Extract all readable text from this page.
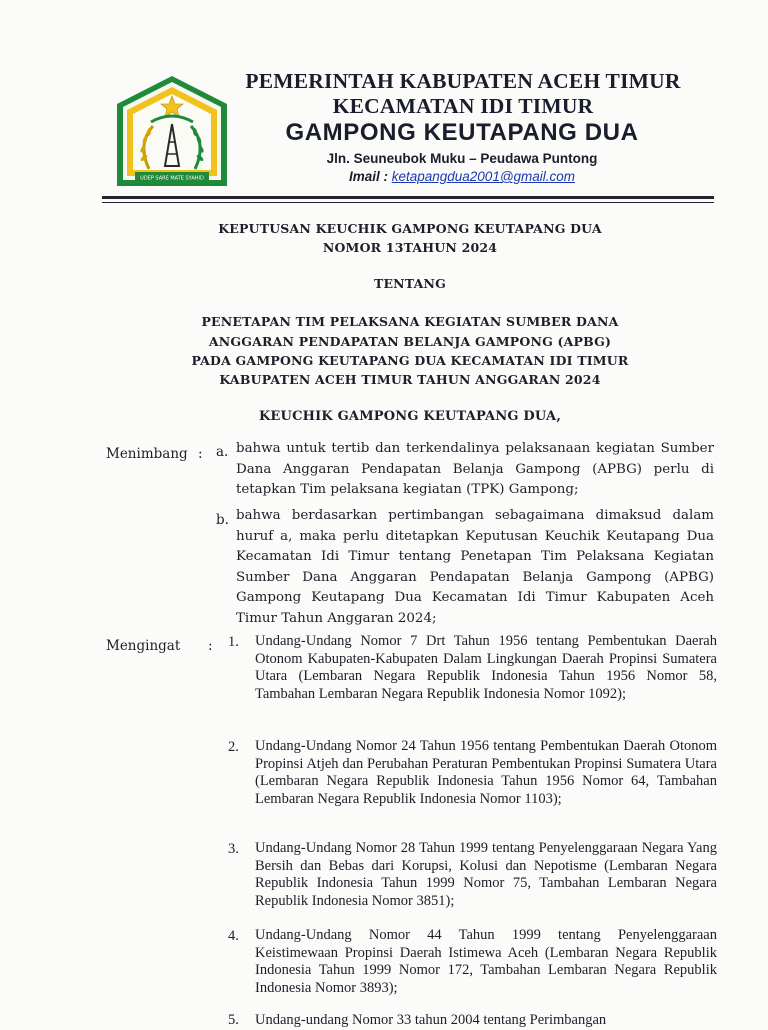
UDEP SARE MATE SYAHID
PEMERINTAH KABUPATEN ACEH TIMUR
KECAMATAN IDI TIMUR
GAMPONG KEUTAPANG DUA
Jln. Seuneubok Muku – Peudawa Puntong
Imail : ketapangdua2001@gmail.com
KEPUTUSAN KEUCHIK GAMPONG KEUTAPANG DUA
NOMOR 13TAHUN 2024
TENTANG
PENETAPAN TIM PELAKSANA KEGIATAN SUMBER DANA
ANGGARAN PENDAPATAN BELANJA GAMPONG (APBG)
PADA GAMPONG KEUTAPANG DUA KECAMATAN IDI TIMUR
KABUPATEN ACEH TIMUR TAHUN ANGGARAN 2024
KEUCHIK GAMPONG KEUTAPANG DUA,
Menimbang : a. bahwa untuk tertib dan terkendalinya pelaksanaan kegiatan Sumber Dana Anggaran Pendapatan Belanja Gampong (APBG) perlu di tetapkan Tim pelaksana kegiatan (TPK) Gampong;
b. bahwa berdasarkan pertimbangan sebagaimana dimaksud dalam huruf a, maka perlu ditetapkan Keputusan Keuchik Keutapang Dua Kecamatan Idi Timur tentang Penetapan Tim Pelaksana Kegiatan Sumber Dana Anggaran Pendapatan Belanja Gampong (APBG) Gampong Keutapang Dua Kecamatan Idi Timur Kabupaten Aceh Timur Tahun Anggaran 2024;
Mengingat : 1. Undang-Undang Nomor 7 Drt Tahun 1956 tentang Pembentukan Daerah Otonom Kabupaten-Kabupaten Dalam Lingkungan Daerah Propinsi Sumatera Utara (Lembaran Negara Republik Indonesia Tahun 1956 Nomor 58, Tambahan Lembaran Negara Republik Indonesia Nomor 1092);
2. Undang-Undang Nomor 24 Tahun 1956 tentang Pembentukan Daerah Otonom Propinsi Atjeh dan Perubahan Peraturan Pembentukan Propinsi Sumatera Utara (Lembaran Negara Republik Indonesia Tahun 1956 Nomor 64, Tambahan Lembaran Negara Republik Indonesia Nomor 1103);
3. Undang-Undang Nomor 28 Tahun 1999 tentang Penyelenggaraan Negara Yang Bersih dan Bebas dari Korupsi, Kolusi dan Nepotisme (Lembaran Negara Republik Indonesia Tahun 1999 Nomor 75, Tambahan Lembaran Negara Republik Indonesia Nomor 3851);
4. Undang-Undang Nomor 44 Tahun 1999 tentang Penyelenggaraan Keistimewaan Propinsi Daerah Istimewa Aceh (Lembaran Negara Republik Indonesia Tahun 1999 Nomor 172, Tambahan Lembaran Negara Republik Indonesia Nomor 3893);
5. Undang-undang Nomor 33 tahun 2004 tentang Perimbangan
